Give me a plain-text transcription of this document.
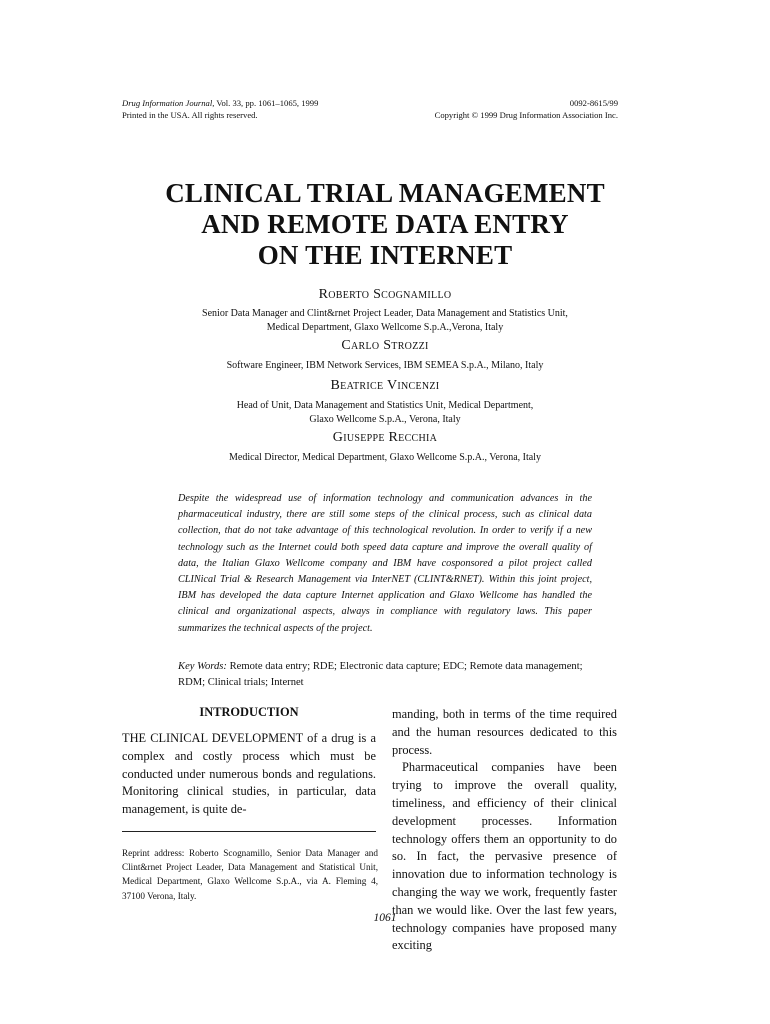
Drug Information Journal, Vol. 33, pp. 1061–1065, 1999
Printed in the USA. All rights reserved.
0092-8615/99
Copyright © 1999 Drug Information Association Inc.
CLINICAL TRIAL MANAGEMENT
AND REMOTE DATA ENTRY
ON THE INTERNET
Roberto Scognamillo
Senior Data Manager and Clint&rnet Project Leader, Data Management and Statistics Unit,
Medical Department, Glaxo Wellcome S.p.A.,Verona, Italy
Carlo Strozzi
Software Engineer, IBM Network Services, IBM SEMEA S.p.A., Milano, Italy
Beatrice Vincenzi
Head of Unit, Data Management and Statistics Unit, Medical Department,
Glaxo Wellcome S.p.A., Verona, Italy
Giuseppe Recchia
Medical Director, Medical Department, Glaxo Wellcome S.p.A., Verona, Italy
Despite the widespread use of information technology and communication advances in the pharmaceutical industry, there are still some steps of the clinical process, such as clinical data collection, that do not take advantage of this technological revolution. In order to verify if a new technology such as the Internet could both speed data capture and improve the overall quality of data, the Italian Glaxo Wellcome company and IBM have cosponsored a pilot project called CLINical Trial & Research Management via InterNET (CLINT&RNET). Within this joint project, IBM has developed the data capture Internet application and Glaxo Wellcome has handled the clinical and organizational aspects, always in compliance with regulatory laws. This paper summarizes the technical aspects of the project.
Key Words: Remote data entry; RDE; Electronic data capture; EDC; Remote data management; RDM; Clinical trials; Internet
INTRODUCTION
THE CLINICAL DEVELOPMENT of a drug is a complex and costly process which must be conducted under numerous bonds and regulations. Monitoring clinical studies, in particular, data management, is quite de-
Reprint address: Roberto Scognamillo, Senior Data Manager and Clint&rnet Project Leader, Data Management and Statistical Unit, Medical Department, Glaxo Wellcome S.p.A., via A. Fleming 4, 37100 Verona, Italy.
manding, both in terms of the time required and the human resources dedicated to this process.
Pharmaceutical companies have been trying to improve the overall quality, timeliness, and efficiency of their clinical development processes. Information technology offers them an opportunity to do so. In fact, the pervasive presence of innovation due to information technology is changing the way we work, frequently faster than we would like. Over the last few years, technology companies have proposed many exciting
1061
